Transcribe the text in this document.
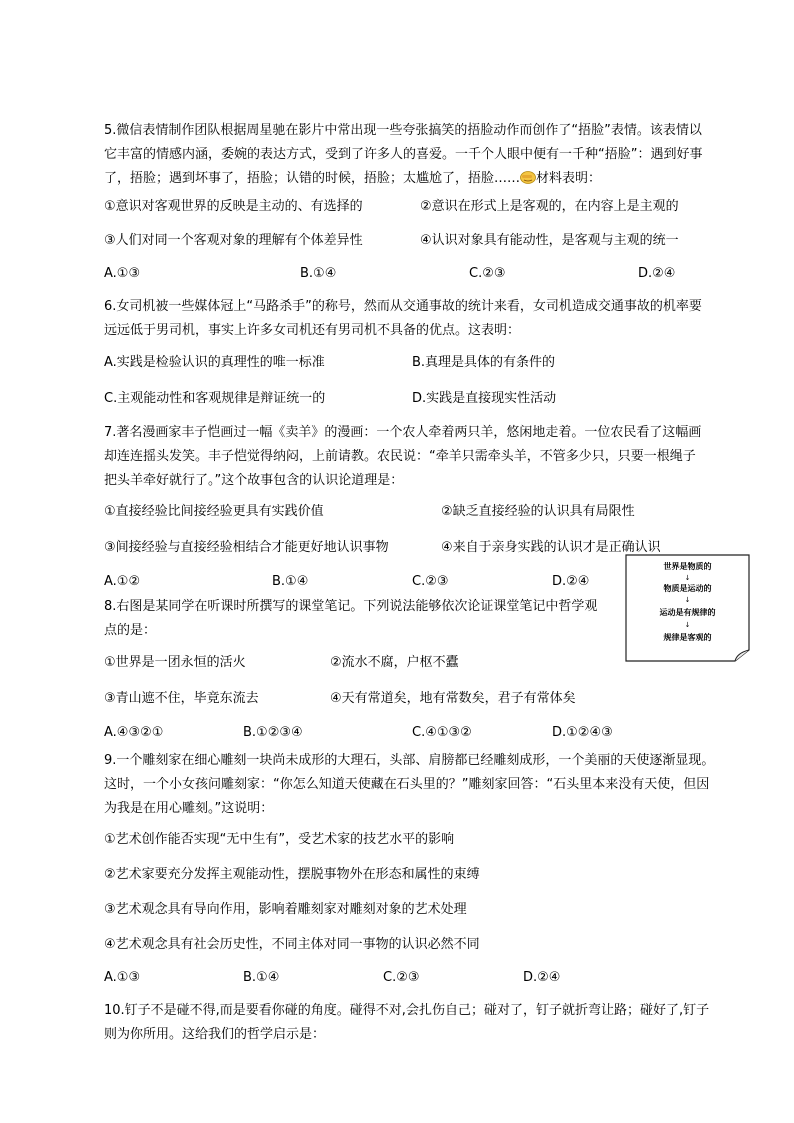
5.微信表情制作团队根据周星驰在影片中常出现一些夸张搞笑的捂脸动作而创作了“捂脸”表情。该表情以
它丰富的情感内涵，委婉的表达方式，受到了许多人的喜爱。一千个人眼中便有一千种“捂脸”：遇到好事
了，捂脸；遇到坏事了，捂脸；认错的时候，捂脸；太尴尬了，捂脸…… 材料表明：
①意识对客观世界的反映是主动的、有选择的	②意识在形式上是客观的，在内容上是主观的
③人们对同一个客观对象的理解有个体差异性	④认识对象具有能动性，是客观与主观的统一
A.①③	B.①④	C.②③	D.②④
6.女司机被一些媒体冠上“马路杀手”的称号，然而从交通事故的统计来看，女司机造成交通事故的机率要
远远低于男司机，事实上许多女司机还有男司机不具备的优点。这表明：
A.实践是检验认识的真理性的唯一标准	B.真理是具体的有条件的
C.主观能动性和客观规律是辩证统一的	D.实践是直接现实性活动
7.著名漫画家丰子恺画过一幅《卖羊》的漫画：一个农人牵着两只羊，悠闲地走着。一位农民看了这幅画
却连连摇头发笑。丰子恺觉得纳闷，上前请教。农民说：“牵羊只需牵头羊，不管多少只，只要一根绳子
把头羊牵好就行了。”这个故事包含的认识论道理是：
①直接经验比间接经验更具有实践价值	②缺乏直接经验的认识具有局限性
③间接经验与直接经验相结合才能更好地认识事物	④来自于亲身实践的认识才是正确认识
A.①②	B.①④	C.②③	D.②④
8.右图是某同学在听课时所撰写的课堂笔记。下列说法能够依次论证课堂笔记中哲学观
点的是：
①世界是一团永恒的活火	②流水不腐，户枢不蠹
③青山遮不住，毕竟东流去	④天有常道矣，地有常数矣，君子有常体矣
A.④③②①	B.①②③④	C.④①③②	D.①②④③
世界是物质的
↓
物质是运动的
↓
运动是有规律的
↓
规律是客观的
9.一个雕刻家在细心雕刻一块尚未成形的大理石，头部、肩膀都已经雕刻成形，一个美丽的天使逐渐显现。
这时，一个小女孩问雕刻家：“你怎么知道天使藏在石头里的？”雕刻家回答：“石头里本来没有天使，但因
为我是在用心雕刻。”这说明：
①艺术创作能否实现“无中生有”，受艺术家的技艺水平的影响
②艺术家要充分发挥主观能动性，摆脱事物外在形态和属性的束缚
③艺术观念具有导向作用，影响着雕刻家对雕刻对象的艺术处理
④艺术观念具有社会历史性，不同主体对同一事物的认识必然不同
A.①③	B.①④	C.②③	D.②④
10.钉子不是碰不得,而是要看你碰的角度。碰得不对,会扎伤自己；碰对了，钉子就折弯让路；碰好了,钉子
则为你所用。这给我们的哲学启示是：
